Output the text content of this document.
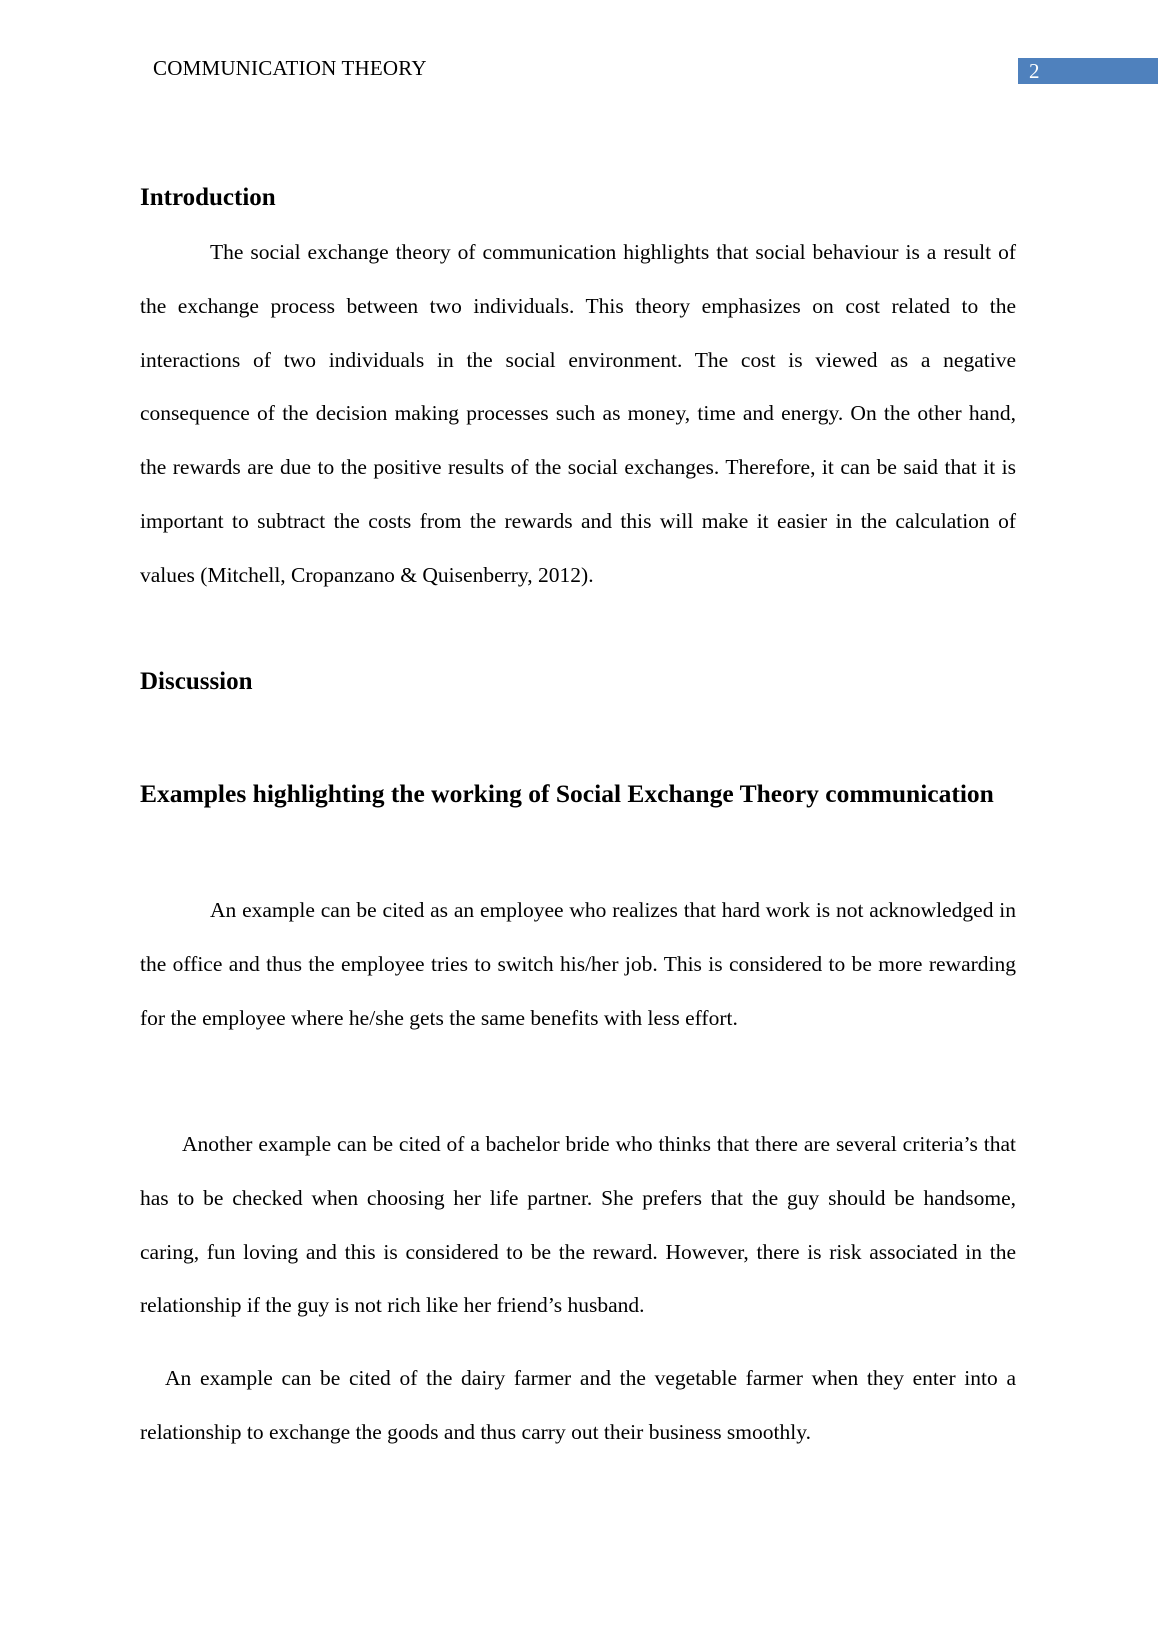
COMMUNICATION THEORY	2
Introduction

The social exchange theory of communication highlights that social behaviour is a result of the exchange process between two individuals. This theory emphasizes on cost related to the interactions of two individuals in the social environment. The cost is viewed as a negative consequence of the decision making processes such as money, time and energy. On the other hand, the rewards are due to the positive results of the social exchanges. Therefore, it can be said that it is important to subtract the costs from the rewards and this will make it easier in the calculation of values (Mitchell, Cropanzano & Quisenberry, 2012).

Discussion
Examples highlighting the working of Social Exchange Theory communication

An example can be cited as an employee who realizes that hard work is not acknowledged in the office and thus the employee tries to switch his/her job. This is considered to be more rewarding for the employee where he/she gets the same benefits with less effort.

Another example can be cited of a bachelor bride who thinks that there are several criteria’s that has to be checked when choosing her life partner. She prefers that the guy should be handsome, caring, fun loving and this is considered to be the reward. However, there is risk associated in the relationship if the guy is not rich like her friend’s husband.

An example can be cited of the dairy farmer and the vegetable farmer when they enter into a relationship to exchange the goods and thus carry out their business smoothly.
